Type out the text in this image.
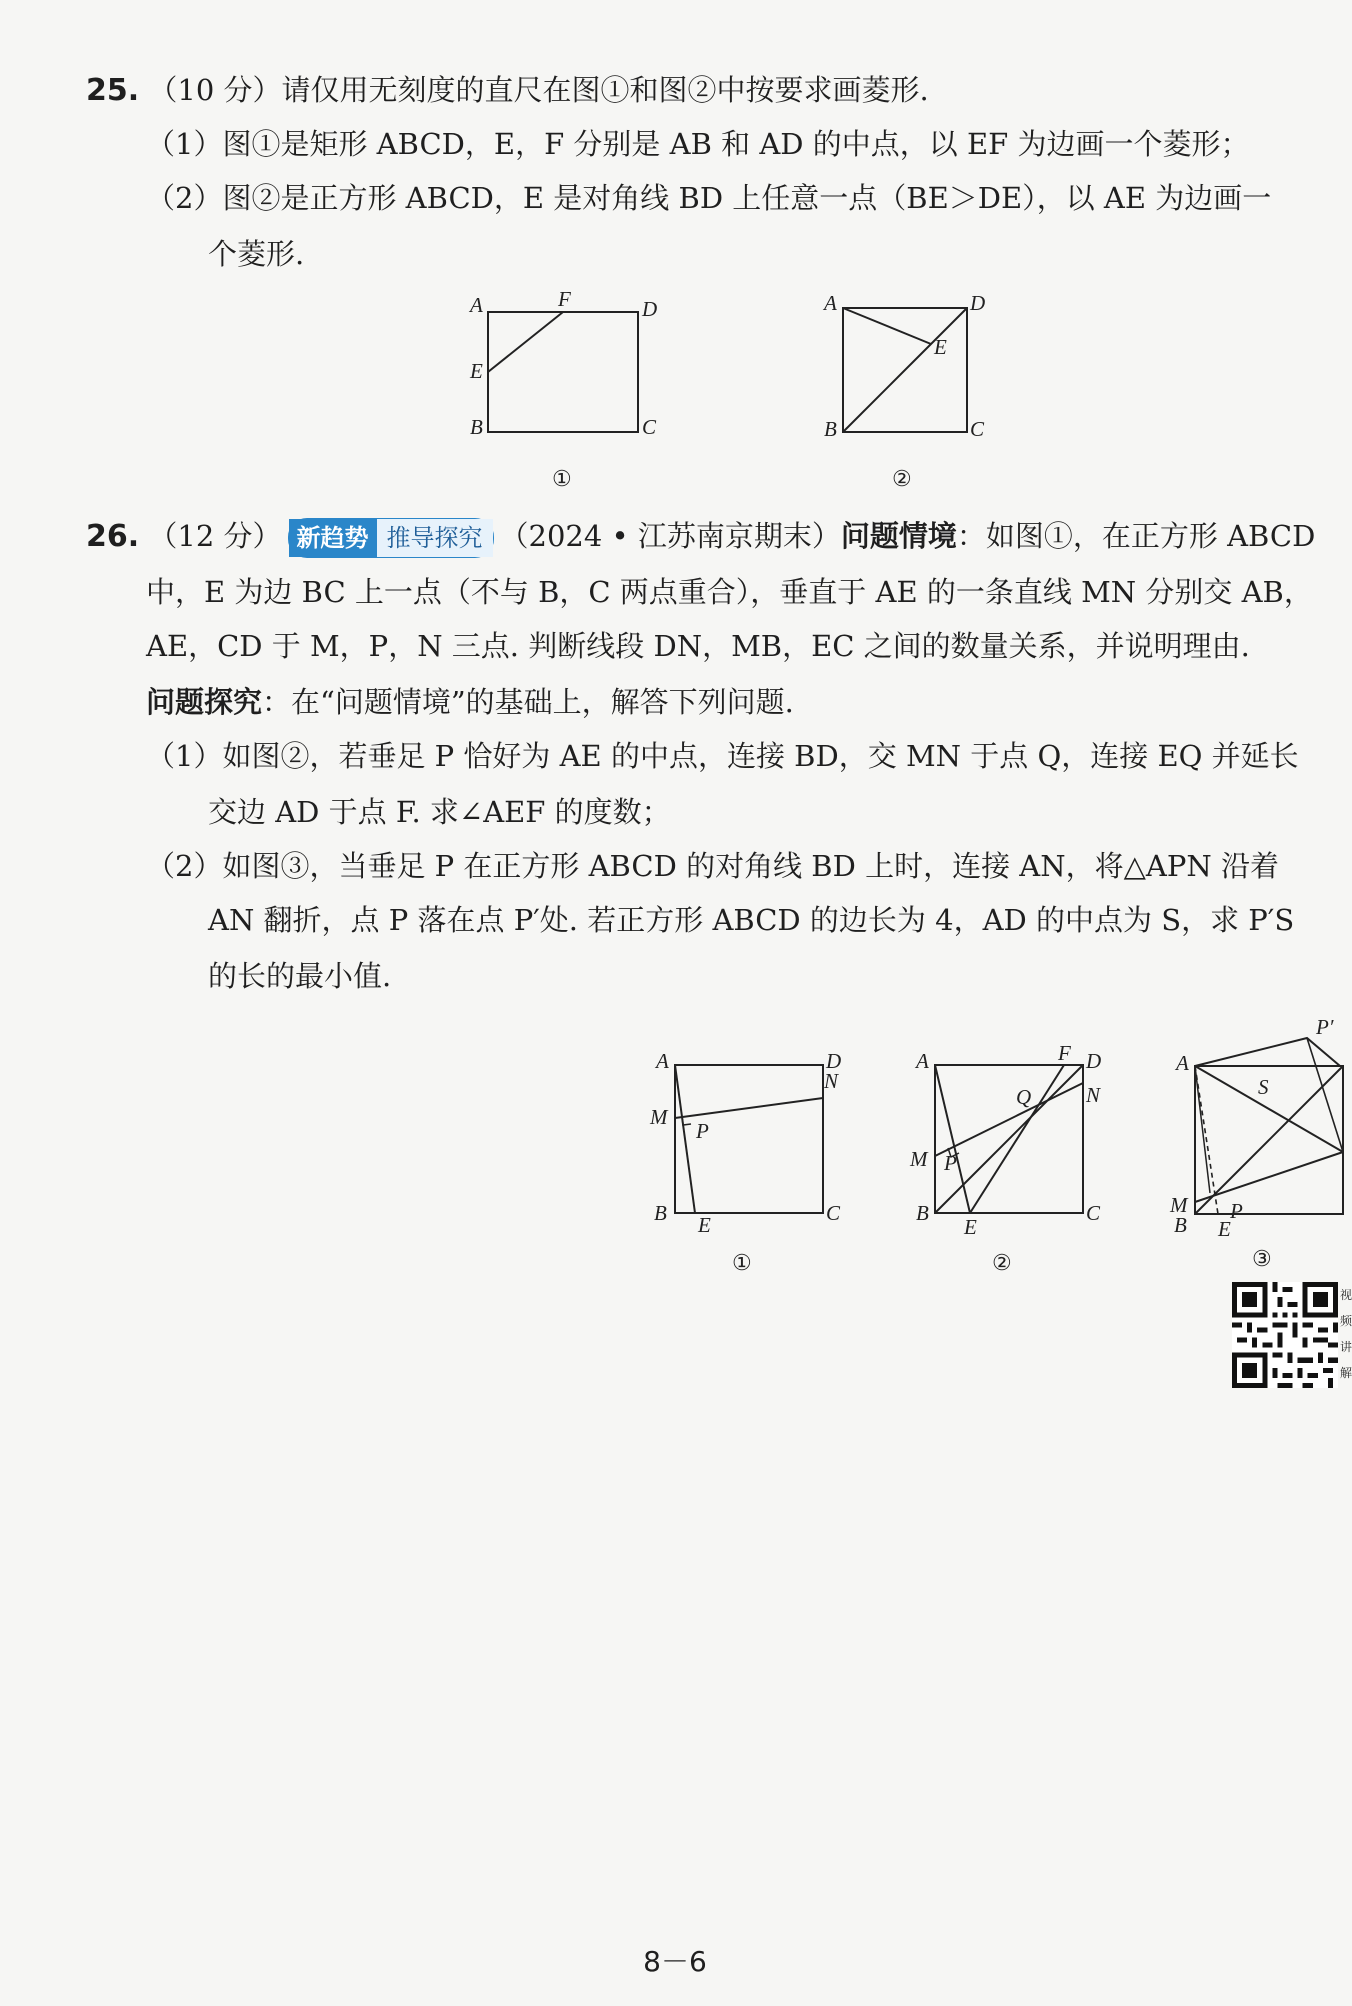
25. （10 分）请仅用无刻度的直尺在图①和图②中按要求画菱形.
（1）图①是矩形 ABCD，E，F 分别是 AB 和 AD 的中点，以 EF 为边画一个菱形；
（2）图②是正方形 ABCD，E 是对角线 BD 上任意一点（BE＞DE），以 AE 为边画一
个菱形.
A	F	D
E
B	C
①
A	D
E
B	C
②
26. （12 分） 新趋势 推导探究 （2024 • 江苏南京期末）问题情境：如图①，在正方形 ABCD
中，E 为边 BC 上一点（不与 B，C 两点重合），垂直于 AE 的一条直线 MN 分别交 AB，
AE，CD 于 M，P，N 三点. 判断线段 DN，MB，EC 之间的数量关系，并说明理由.
问题探究：在“问题情境”的基础上，解答下列问题.
（1）如图②，若垂足 P 恰好为 AE 的中点，连接 BD，交 MN 于点 Q，连接 EQ 并延长
交边 AD 于点 F. 求∠AEF 的度数；
（2）如图③，当垂足 P 在正方形 ABCD 的对角线 BD 上时，连接 AN，将△APN 沿着
AN 翻折，点 P 落在点 P′处. 若正方形 ABCD 的边长为 4，AD 的中点为 S，求 P′S
的长的最小值.
A	D
N
M
P
B E	C
①
F
A	D
N
Q
M P
B
E
C
②
P′
A
S
M P
B E
③
视频讲解
8－6
